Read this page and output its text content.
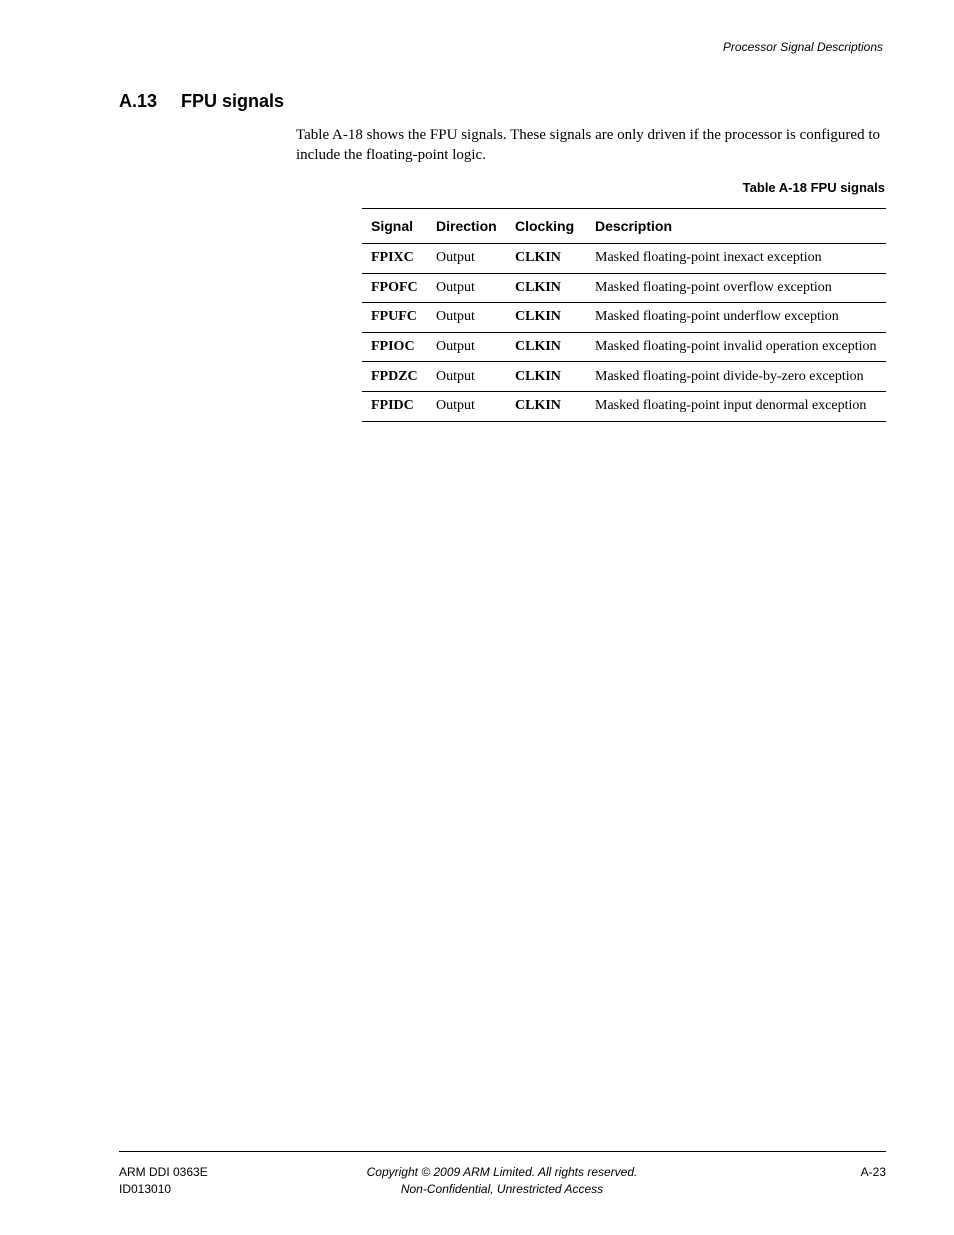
Processor Signal Descriptions
A.13 FPU signals

Table A-18 shows the FPU signals. These signals are only driven if the processor is configured to include the floating-point logic.

Table A-18 FPU signals
Signal	Direction	Clocking	Description
FPIXC	Output	CLKIN	Masked floating-point inexact exception
FPOFC	Output	CLKIN	Masked floating-point overflow exception
FPUFC	Output	CLKIN	Masked floating-point underflow exception
FPIOC	Output	CLKIN	Masked floating-point invalid operation exception
FPDZC	Output	CLKIN	Masked floating-point divide-by-zero exception
FPIDC	Output	CLKIN	Masked floating-point input denormal exception
ARM DDI 0363E
ID013010
Copyright © 2009 ARM Limited. All rights reserved.
Non-Confidential, Unrestricted Access
A-23
